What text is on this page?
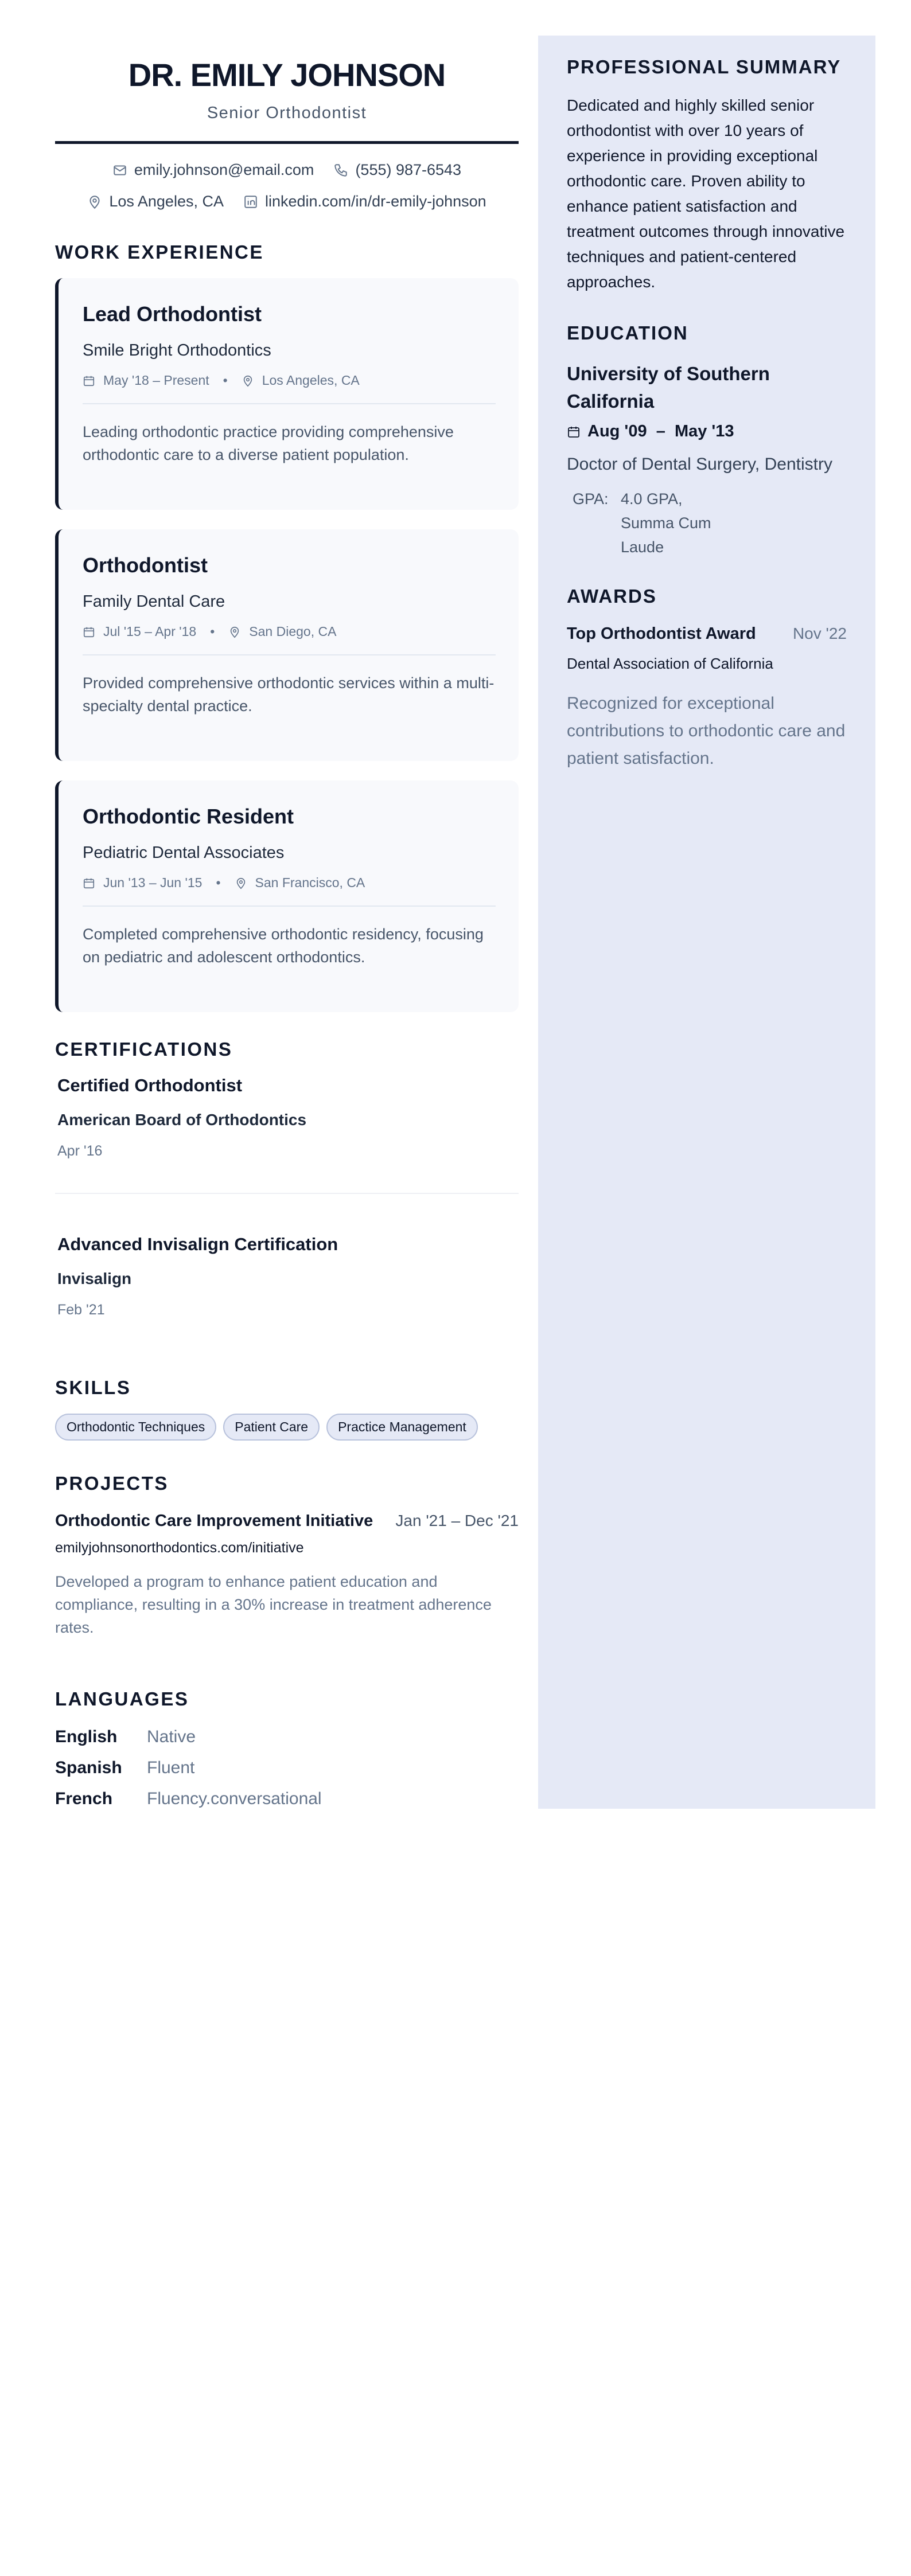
DR. EMILY JOHNSON
Senior Orthodontist
emily.johnson@email.com	(555) 987-6543
Los Angeles, CA	linkedin.com/in/dr-emily-johnson
WORK EXPERIENCE
Lead Orthodontist
Smile Bright Orthodontics
May '18 – Present •	Los Angeles, CA
Leading orthodontic practice providing comprehensive orthodontic care to a diverse patient population.
Orthodontist
Family Dental Care
Jul '15 – Apr '18 •	San Diego, CA
Provided comprehensive orthodontic services within a multi-specialty dental practice.
Orthodontic Resident
Pediatric Dental Associates
Jun '13 – Jun '15 •	San Francisco, CA
Completed comprehensive orthodontic residency, focusing on pediatric and adolescent orthodontics.
CERTIFICATIONS
Certified Orthodontist
American Board of Orthodontics
Apr '16
Advanced Invisalign Certification
Invisalign
Feb '21
SKILLS
Orthodontic Techniques	Patient Care	Practice Management
PROJECTS
Orthodontic Care Improvement Initiative Jan '21 – Dec '21
emilyjohnsonorthodontics.com/initiative
Developed a program to enhance patient education and compliance, resulting in a 30% increase in treatment adherence rates.
LANGUAGES
English	Native
Spanish	Fluent
French	Fluency.conversational
PROFESSIONAL SUMMARY
Dedicated and highly skilled senior orthodontist with over 10 years of experience in providing exceptional orthodontic care. Proven ability to enhance patient satisfaction and treatment outcomes through innovative techniques and patient-centered approaches.
EDUCATION
University of Southern California
Aug '09  –  May '13
Doctor of Dental Surgery, Dentistry
GPA: 4.0 GPA, Summa Cum Laude
AWARDS
Top Orthodontist Award Nov '22
Dental Association of California
Recognized for exceptional contributions to orthodontic care and patient satisfaction.
